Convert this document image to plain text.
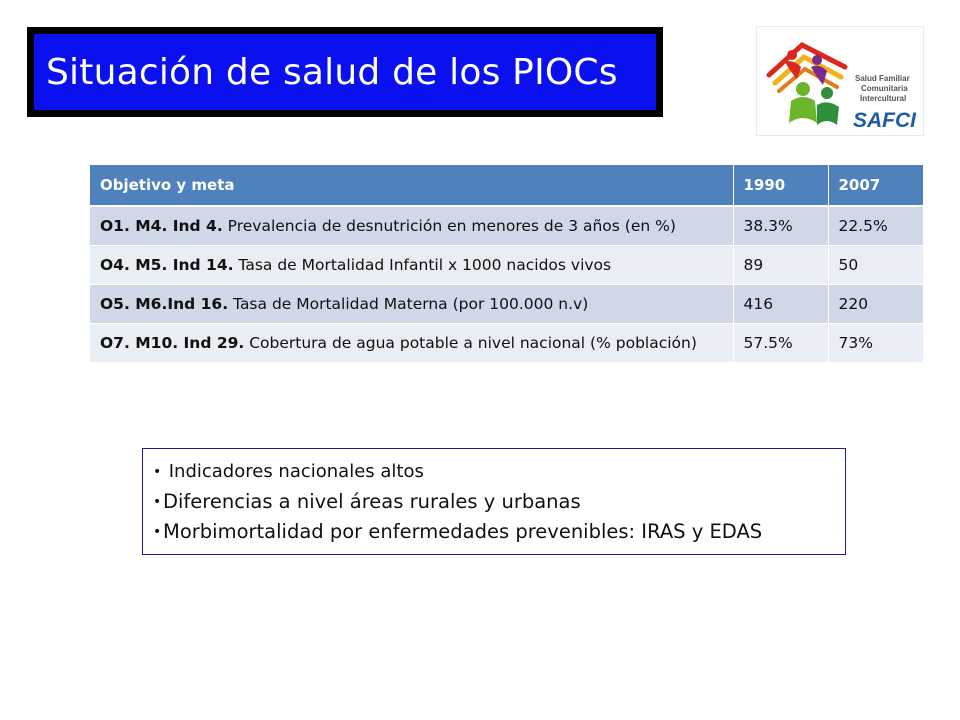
Situación de salud de los PIOCs	Salud Familiar
Comunitaria
Intercultural
SAFCI
Objetivo y meta	1990	2007
O1. M4. Ind 4. Prevalencia de desnutrición en menores de 3 años (en %)	38.3%	22.5%
O4. M5. Ind 14. Tasa de Mortalidad Infantil x 1000 nacidos vivos	89	50
O5. M6.Ind 16. Tasa de Mortalidad Materna (por 100.000 n.v)	416	220
O7. M10. Ind 29. Cobertura de agua potable a nivel nacional (% población)	57.5%	73%
• Indicadores nacionales altos
•Diferencias a nivel áreas rurales y urbanas
•Morbimortalidad por enfermedades prevenibles: IRAS y EDAS
